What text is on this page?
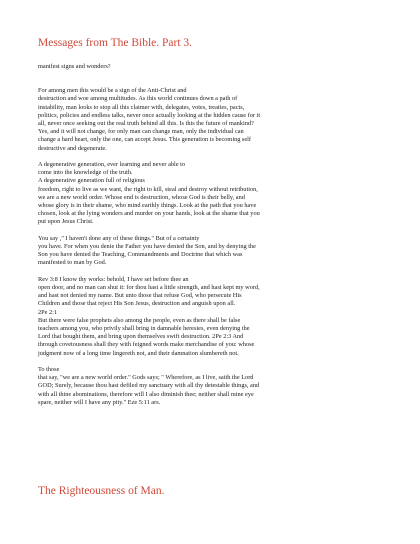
Messages from The Bible. Part 3.
manifest signs and wonders?
For among men this would be a sign of the Anti-Christ and
destruction and woe among multitudes. As this world continues down a path of
instability, man looks to stop all this claimer with, delegates, votes, treaties, pacts,
politics, policies and endless talks, never once actually looking at the hidden cause for it
all, never once seeking out the real truth behind all this. Is this the future of mankind?
Yes, and it will not change, for only man can change man, only the individual can
change a hard heart, only the one, can accept Jesus. This generation is becoming self
destructive and degenerate.
A degenerative generation, ever learning and never able to
come into the knowledge of the truth.
A degenerative generation full of religious
freedom, right to live as we want, the right to kill, steal and destroy without retribution,
we are a new world order. Whose end is destruction, whose God is their belly, and
whose glory is in their shame, who mind earthly things. Look at the path that you have
chosen, look at the lying wonders and murder on your hands, look at the shame that you
put upon Jesus Christ.
You say ," I haven't done any of these things." But of a certainty
you have. For when you denie the Father you have denied the Son, and by denying the
Son you have denied the Teaching, Commandments and Doctrine that which was
manifested to man by God.
Rev 3:8 I know thy works: behold, I have set before thee an
open door, and no man can shut it: for thou hast a little strength, and hast kept my word,
and hast not denied my name. But unto those that refuse God, who persecute His
Children and those that reject His Son Jesus, destruction and anguish upon all.
2Pe 2:1
But there were false prophets also among the people, even as there shall be false
teachers among you, who privily shall bring in damnable heresies, even denying the
Lord that bought them, and bring upon themselves swift destruction. 2Pe 2:3 And
through covetousness shall they with feigned words make merchandise of you: whose
judgment now of a long time lingereth not, and their damnation slumbereth not.
To those
that say, "we are a new world order." Gods says; " Wherefore, as I live, saith the Lord
GOD; Surely, because thou hast defiled my sanctuary with all thy detestable things, and
with all thine abominations, therefore will I also diminish thee; neither shall mine eye
spare, neither will I have any pity." Eze 5:11 ars.
The Righteousness of Man.
